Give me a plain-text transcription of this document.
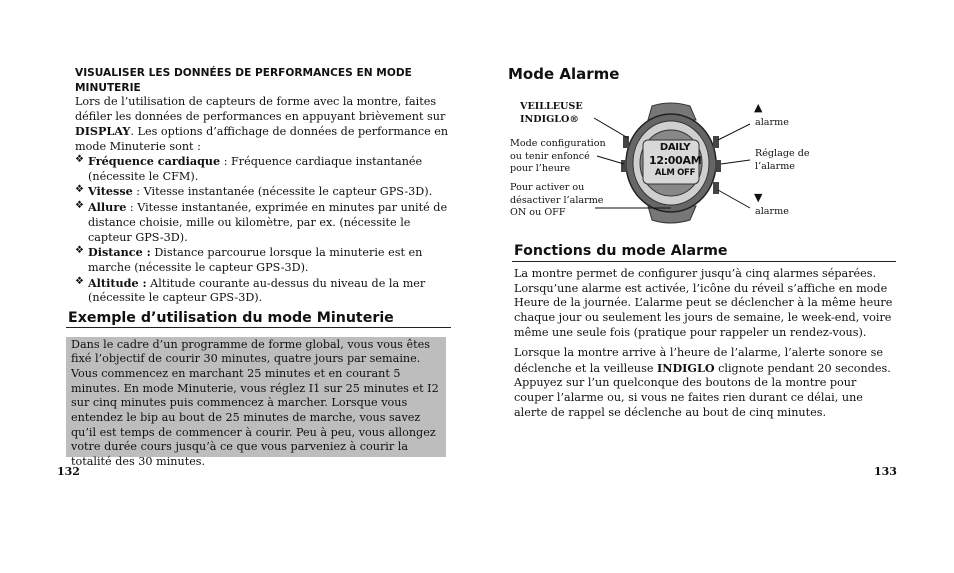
VISUALISER LES DONNÉES DE PERFORMANCES EN MODE MINUTERIE
Lors de l’utilisation de capteurs de forme avec la montre, faites défiler les données de performances en appuyant brièvement sur DISPLAY. Les options d’affichage de données de performance en mode Minuterie sont :
❖ Fréquence cardiaque : Fréquence cardiaque instantanée (nécessite le CFM).
❖ Vitesse : Vitesse instantanée (nécessite le capteur GPS-3D).
❖ Allure : Vitesse instantanée, exprimée en minutes par unité de distance choisie, mille ou kilomètre, par ex. (nécessite le capteur GPS-3D).
❖ Distance : Distance parcourue lorsque la minuterie est en marche (nécessite le capteur GPS-3D).
❖ Altitude : Altitude courante au-dessus du niveau de la mer (nécessite le capteur GPS-3D).
Exemple d’utilisation du mode Minuterie

Dans le cadre d’un programme de forme global, vous vous êtes fixé l’objectif de courir 30 minutes, quatre jours par semaine. Vous commencez en marchant 25 minutes et en courant 5 minutes. En mode Minuterie, vous réglez I1 sur 25 minutes et I2 sur cinq minutes puis commencez à marcher. Lorsque vous entendez le bip au bout de 25 minutes de marche, vous savez qu’il est temps de commencer à courir. Peu à peu, vous allongez votre durée cours jusqu’à ce que vous parveniez à courir la totalité des 30 minutes.

132
Mode Alarme
DAILY
12:00AM
ALM OFF
VEILLEUSE INDIGLO®
Mode configuration ou tenir enfoncé pour l’heure
Pour activer ou désactiver l’alarme ON ou OFF
▲
alarme
Réglage de l’alarme
▼
alarme
Fonctions du mode Alarme
La montre permet de configurer jusqu’à cinq alarmes séparées. Lorsqu’une alarme est activée, l’icône du réveil s’affiche en mode Heure de la journée. L’alarme peut se déclencher à la même heure chaque jour ou seulement les jours de semaine, le week-end, voire même une seule fois (pratique pour rappeler un rendez-vous).
Lorsque la montre arrive à l’heure de l’alarme, l’alerte sonore se déclenche et la veilleuse INDIGLO clignote pendant 20 secondes. Appuyez sur l’un quelconque des boutons de la montre pour couper l’alarme ou, si vous ne faites rien durant ce délai, une alerte de rappel se déclenche au bout de cinq minutes.
133
